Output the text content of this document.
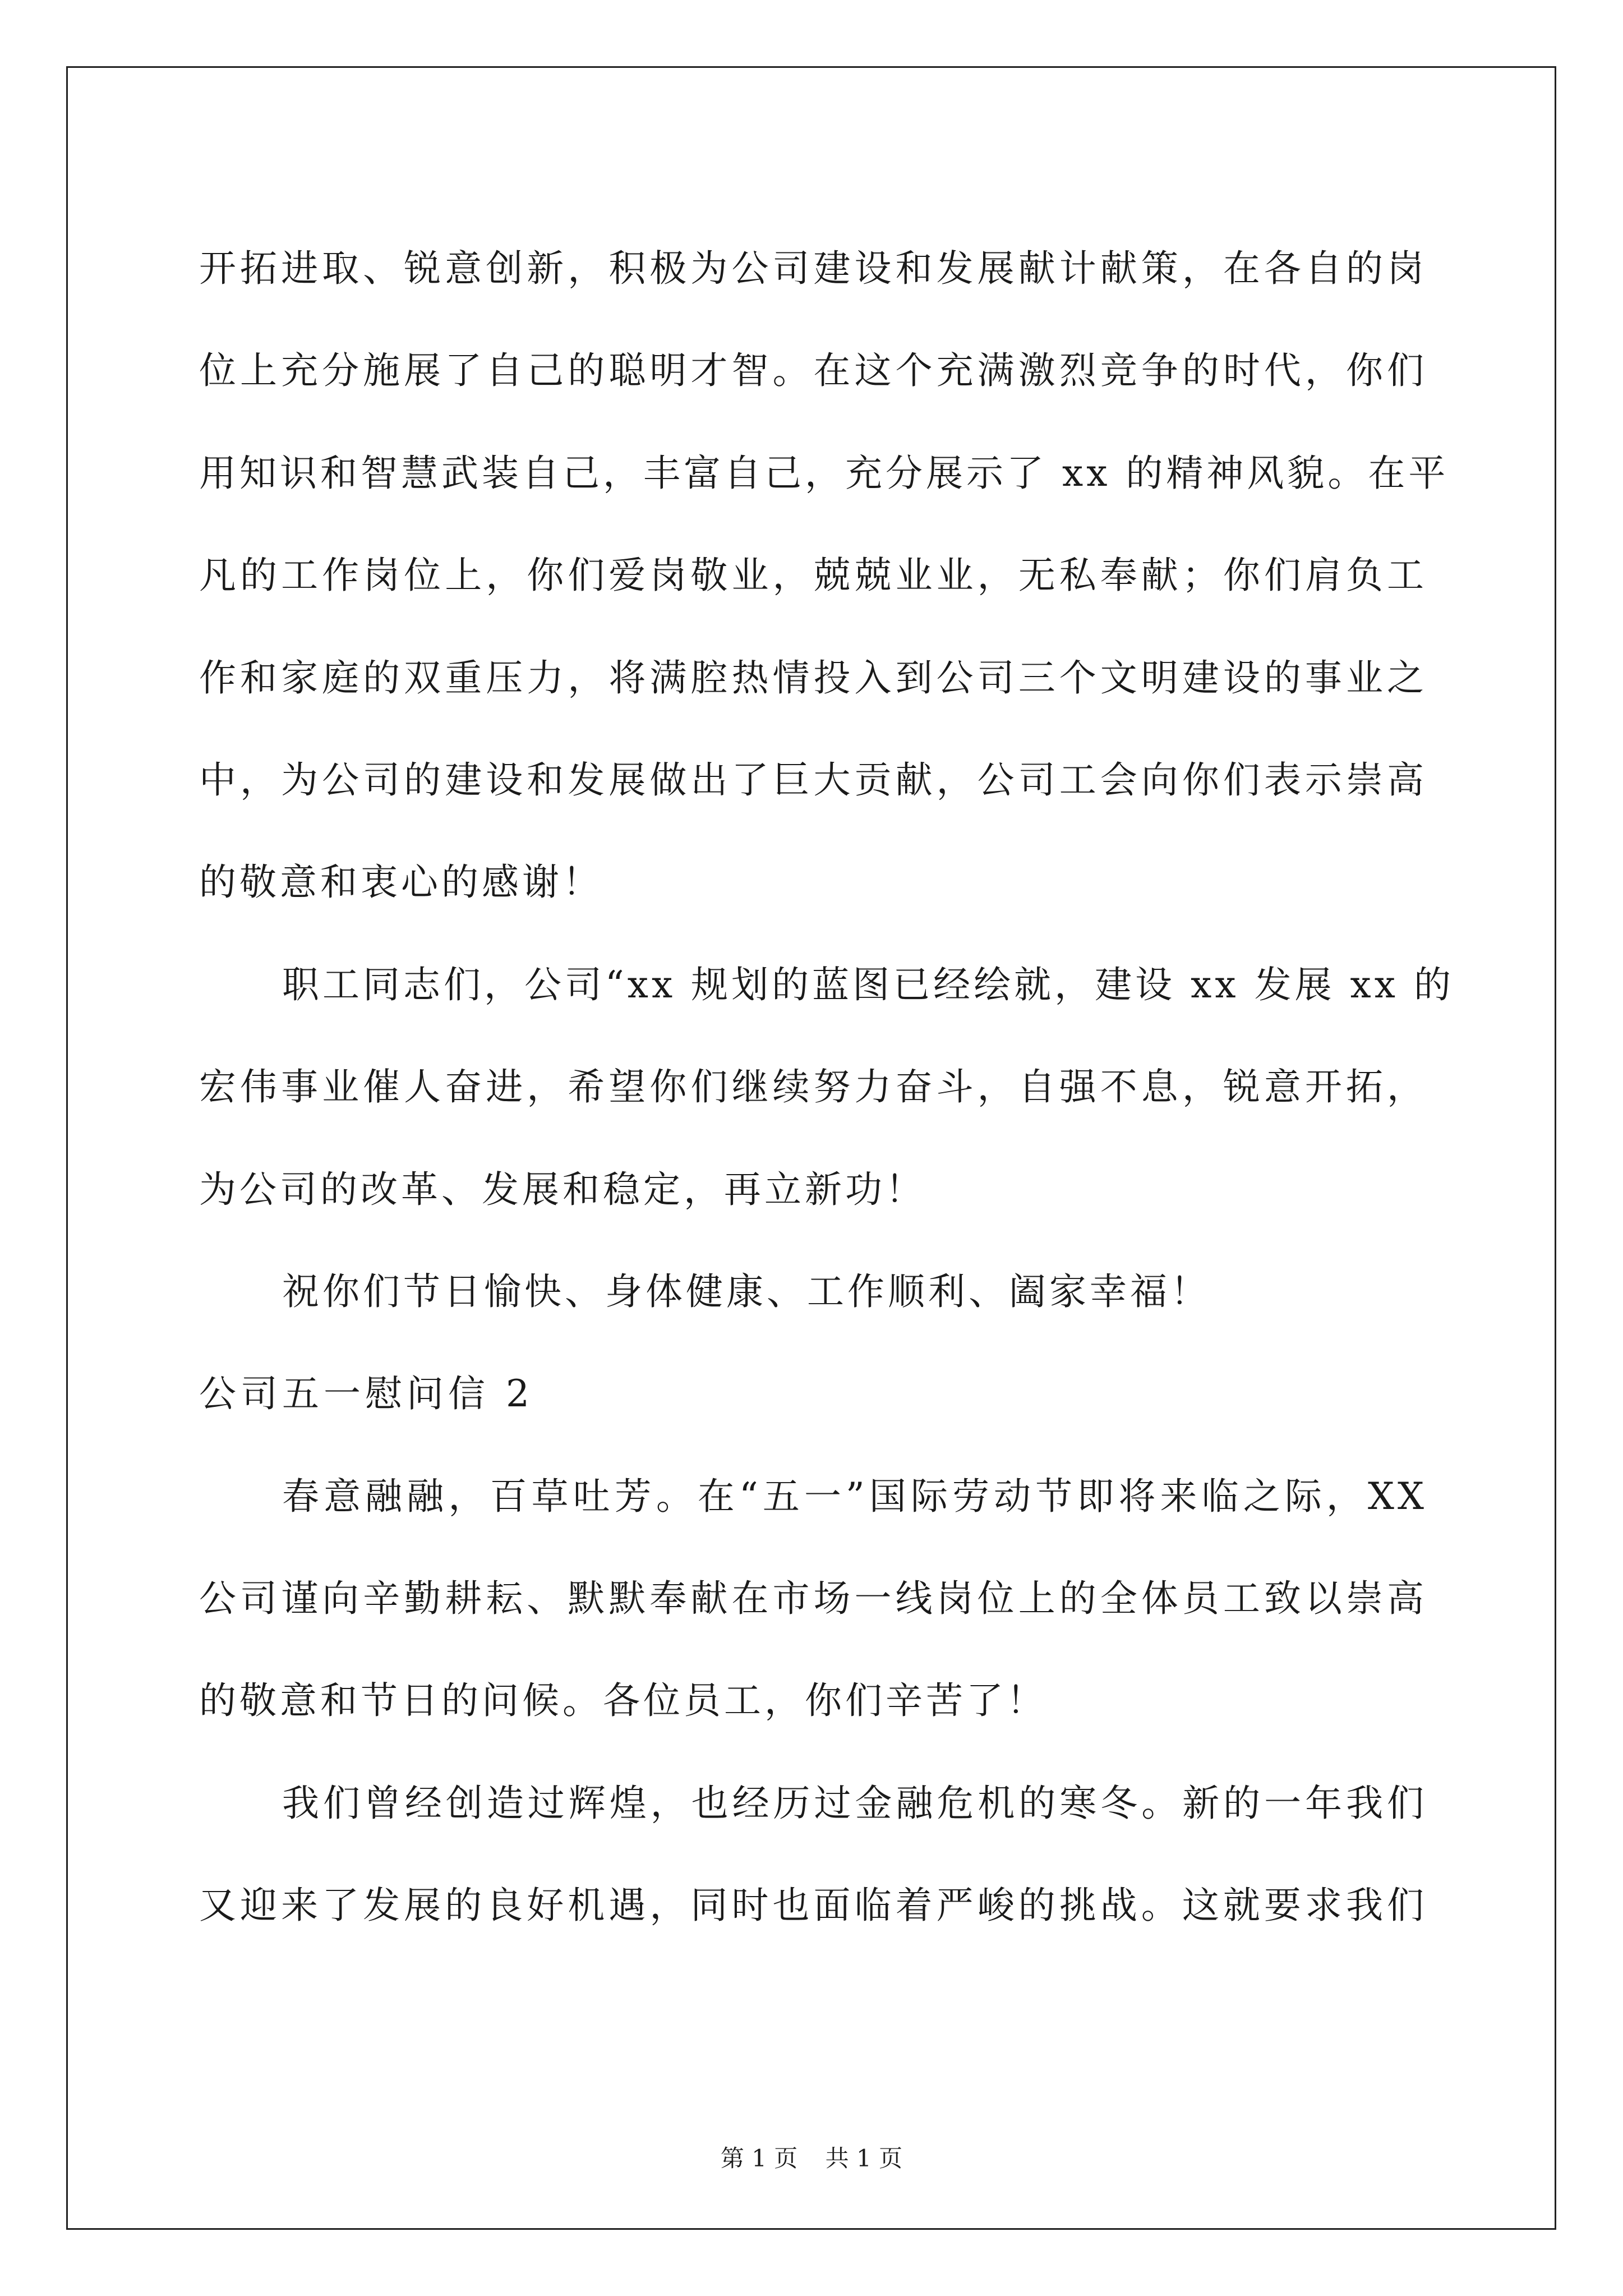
开拓进取、锐意创新，积极为公司建设和发展献计献策，在各自的岗
位上充分施展了自己的聪明才智。在这个充满激烈竞争的时代，你们
用知识和智慧武装自己，丰富自己，充分展示了 xx 的精神风貌。在平
凡的工作岗位上，你们爱岗敬业，兢兢业业，无私奉献；你们肩负工
作和家庭的双重压力，将满腔热情投入到公司三个文明建设的事业之
中，为公司的建设和发展做出了巨大贡献，公司工会向你们表示崇高
的敬意和衷心的感谢！
职工同志们，公司“xx 规划的蓝图已经绘就，建设 xx 发展 xx 的
宏伟事业催人奋进，希望你们继续努力奋斗，自强不息，锐意开拓，
为公司的改革、发展和稳定，再立新功！
祝你们节日愉快、身体健康、工作顺利、阖家幸福！
公司五一慰问信 2
春意融融，百草吐芳。在“五一”国际劳动节即将来临之际，XX
公司谨向辛勤耕耘、默默奉献在市场一线岗位上的全体员工致以崇高
的敬意和节日的问候。各位员工，你们辛苦了！
我们曾经创造过辉煌，也经历过金融危机的寒冬。新的一年我们
又迎来了发展的良好机遇，同时也面临着严峻的挑战。这就要求我们
第 1 页 共 1 页
